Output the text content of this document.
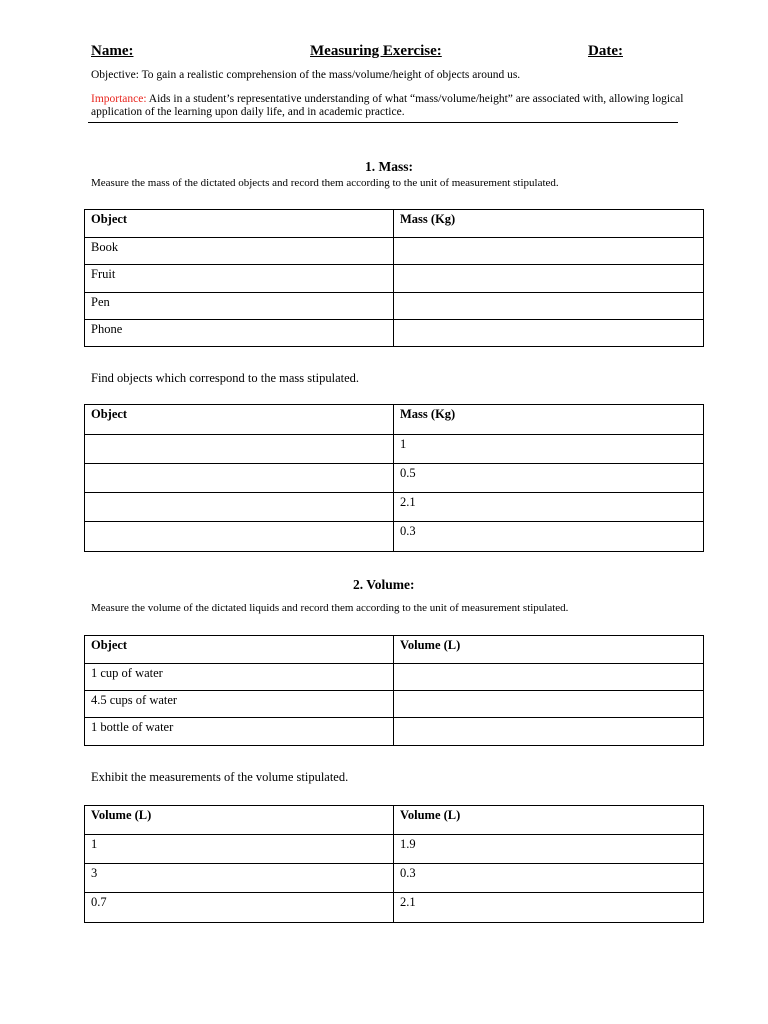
Name:	Measuring Exercise:	Date:
Objective: To gain a realistic comprehension of the mass/volume/height of objects around us.
Importance: Aids in a student’s representative understanding of what “mass/volume/height” are associated with, allowing logical application of the learning upon daily life, and in academic practice.
1. Mass:
Measure the mass of the dictated objects and record them according to the unit of measurement stipulated.
Object	Mass (Kg)
Book	
Fruit	
Pen	
Phone	
Find objects which correspond to the mass stipulated.
Object	Mass (Kg)
	1
	0.5
	2.1
	0.3
2. Volume:
Measure the volume of the dictated liquids and record them according to the unit of measurement stipulated.
Object	Volume (L)
1 cup of water	
4.5 cups of water	
1 bottle of water	
Exhibit the measurements of the volume stipulated.
Volume (L)	Volume (L)
1	1.9
3	0.3
0.7	2.1
